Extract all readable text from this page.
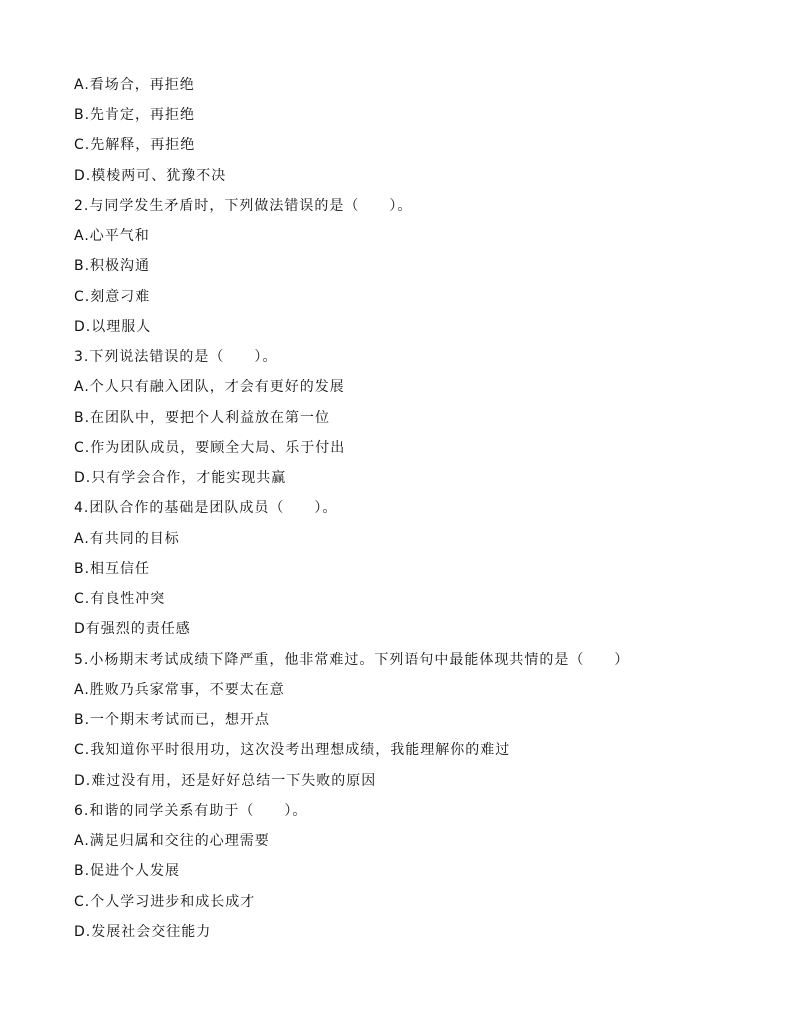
A.看场合，再拒绝
B.先肯定，再拒绝
C.先解释，再拒绝
D.模棱两可、犹豫不决
2.与同学发生矛盾时，下列做法错误的是（　　）。
A.心平气和
B.积极沟通
C.刻意刁难
D.以理服人
3.下列说法错误的是（　　）。
A.个人只有融入团队，才会有更好的发展
B.在团队中，要把个人利益放在第一位
C.作为团队成员，要顾全大局、乐于付出
D.只有学会合作，才能实现共赢
4.团队合作的基础是团队成员（　　）。
A.有共同的目标
B.相互信任
C.有良性冲突
D有强烈的责任感
5.小杨期末考试成绩下降严重，他非常难过。下列语句中最能体现共情的是（　　）
A.胜败乃兵家常事，不要太在意
B.一个期末考试而已，想开点
C.我知道你平时很用功，这次没考出理想成绩，我能理解你的难过
D.难过没有用，还是好好总结一下失败的原因
6.和谐的同学关系有助于（　　）。
A.满足归属和交往的心理需要
B.促进个人发展
C.个人学习进步和成长成才
D.发展社会交往能力
